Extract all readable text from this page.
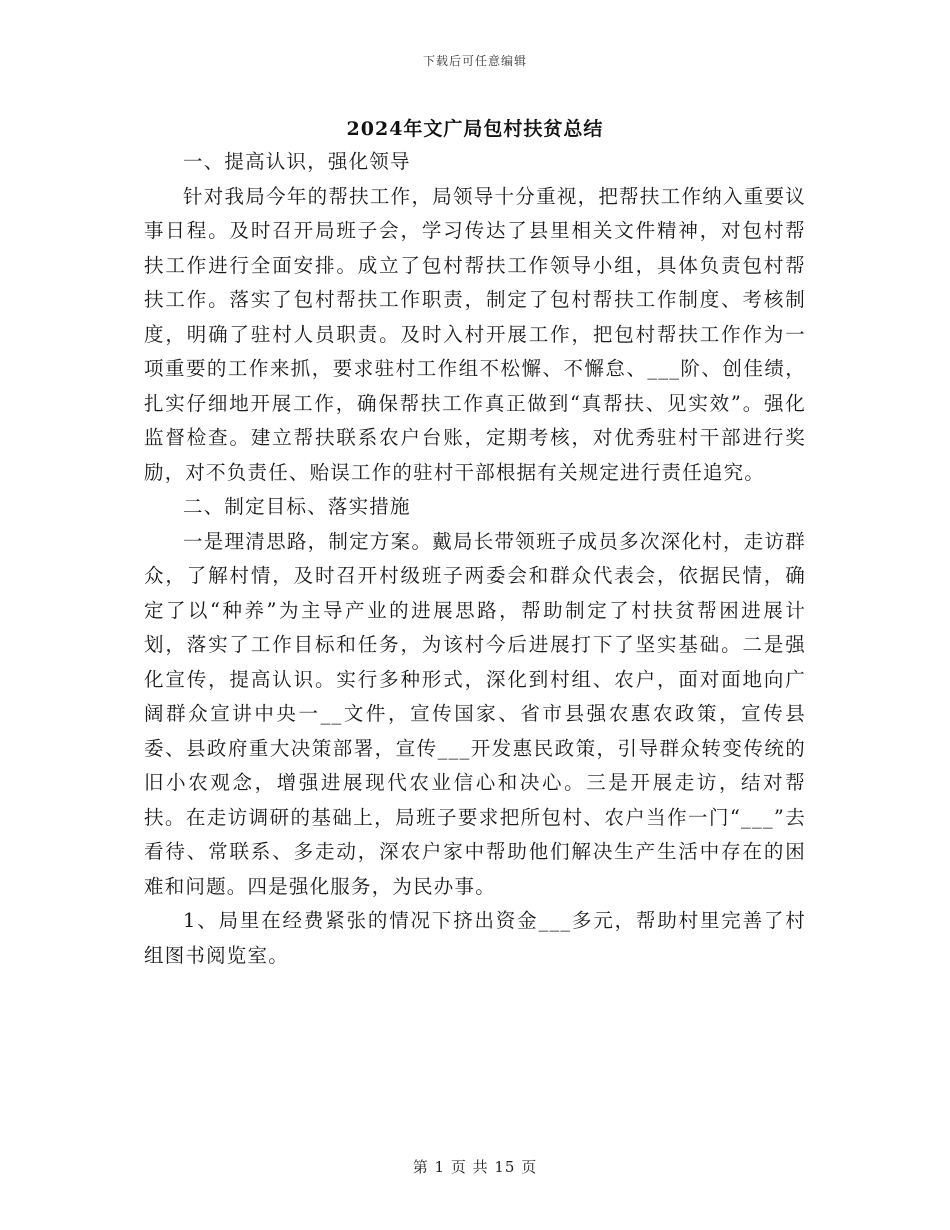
下载后可任意编辑
2024年文广局包村扶贫总结

一、提高认识，强化领导

针对我局今年的帮扶工作，局领导十分重视，把帮扶工作纳入重要议事日程。及时召开局班子会，学习传达了县里相关文件精神，对包村帮扶工作进行全面安排。成立了包村帮扶工作领导小组，具体负责包村帮扶工作。落实了包村帮扶工作职责，制定了包村帮扶工作制度、考核制度，明确了驻村人员职责。及时入村开展工作，把包村帮扶工作作为一项重要的工作来抓，要求驻村工作组不松懈、不懈怠、___阶、创佳绩，扎实仔细地开展工作，确保帮扶工作真正做到“真帮扶、见实效”。强化监督检查。建立帮扶联系农户台账，定期考核，对优秀驻村干部进行奖励，对不负责任、贻误工作的驻村干部根据有关规定进行责任追究。

二、制定目标、落实措施

一是理清思路，制定方案。戴局长带领班子成员多次深化村，走访群众，了解村情，及时召开村级班子两委会和群众代表会，依据民情，确定了以“种养”为主导产业的进展思路，帮助制定了村扶贫帮困进展计划，落实了工作目标和任务，为该村今后进展打下了坚实基础。二是强化宣传，提高认识。实行多种形式，深化到村组、农户，面对面地向广阔群众宣讲中央一__文件，宣传国家、省市县强农惠农政策，宣传县委、县政府重大决策部署，宣传___开发惠民政策，引导群众转变传统的旧小农观念，增强进展现代农业信心和决心。三是开展走访，结对帮扶。在走访调研的基础上，局班子要求把所包村、农户当作一门“___”去看待、常联系、多走动，深农户家中帮助他们解决生产生活中存在的困难和问题。四是强化服务，为民办事。

1、局里在经费紧张的情况下挤出资金___多元，帮助村里完善了村组图书阅览室。

第 1 页 共 15 页
